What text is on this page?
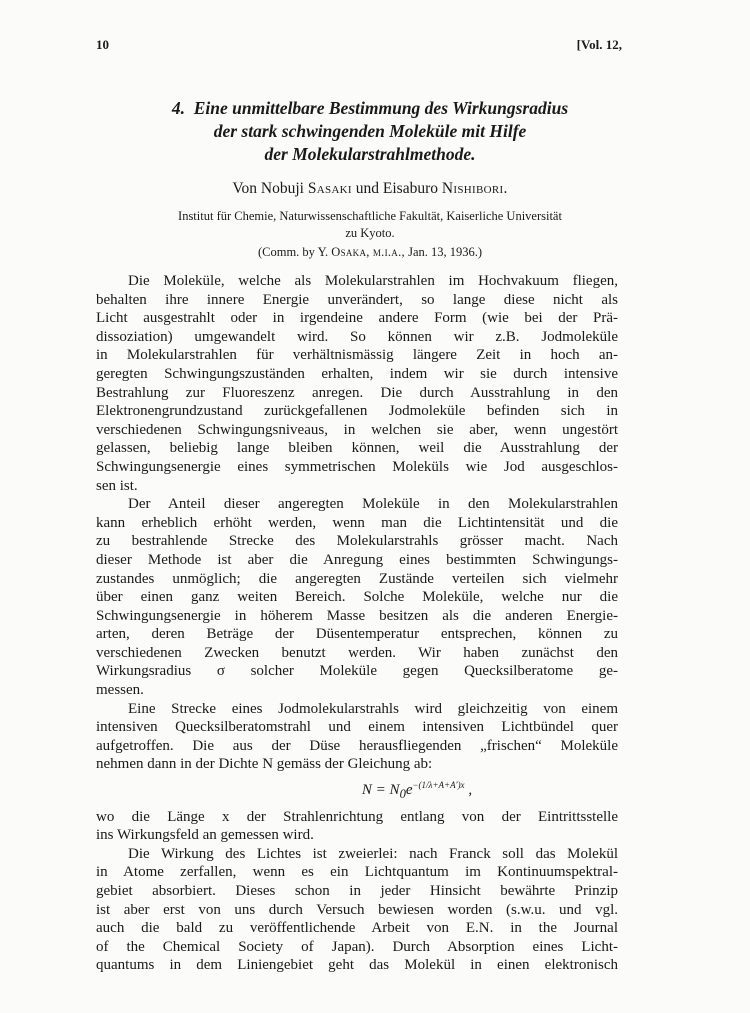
10	[Vol. 12,
4. Eine unmittelbare Bestimmung des Wirkungsradius
der stark schwingenden Moleküle mit Hilfe
der Molekularstrahlmethode.
Von Nobuji Sasaki und Eisaburo Nishibori.
Institut für Chemie, Naturwissenschaftliche Fakultät, Kaiserliche Universität
zu Kyoto.
(Comm. by Y. Osaka, m.i.a., Jan. 13, 1936.)
Die Moleküle, welche als Molekularstrahlen im Hochvakuum fliegen,
behalten ihre innere Energie unverändert, so lange diese nicht als
Licht ausgestrahlt oder in irgendeine andere Form (wie bei der Prä-
dissoziation) umgewandelt wird. So können wir z.B. Jodmoleküle
in Molekularstrahlen für verhältnismässig längere Zeit in hoch an-
geregten Schwingungszuständen erhalten, indem wir sie durch intensive
Bestrahlung zur Fluoreszenz anregen. Die durch Ausstrahlung in den
Elektronengrundzustand zurückgefallenen Jodmoleküle befinden sich in
verschiedenen Schwingungsniveaus, in welchen sie aber, wenn ungestört
gelassen, beliebig lange bleiben können, weil die Ausstrahlung der
Schwingungsenergie eines symmetrischen Moleküls wie Jod ausgeschlos-
sen ist.
Der Anteil dieser angeregten Moleküle in den Molekularstrahlen
kann erheblich erhöht werden, wenn man die Lichtintensität und die
zu bestrahlende Strecke des Molekularstrahls grösser macht. Nach
dieser Methode ist aber die Anregung eines bestimmten Schwingungs-
zustandes unmöglich; die angeregten Zustände verteilen sich vielmehr
über einen ganz weiten Bereich. Solche Moleküle, welche nur die
Schwingungsenergie in höherem Masse besitzen als die anderen Energie-
arten, deren Beträge der Düsentemperatur entsprechen, können zu
verschiedenen Zwecken benutzt werden. Wir haben zunächst den
Wirkungsradius σ solcher Moleküle gegen Quecksilberatome ge-
messen.
Eine Strecke eines Jodmolekularstrahls wird gleichzeitig von einem
intensiven Quecksilberatomstrahl und einem intensiven Lichtbündel quer
aufgetroffen. Die aus der Düse herausfliegenden „frischen“ Moleküle
nehmen dann in der Dichte N gemäss der Gleichung ab:
$N = N_0e^{-(1/\lambda+A+A')x}$ ,
wo die Länge x der Strahlenrichtung entlang von der Eintrittsstelle
ins Wirkungsfeld an gemessen wird.
Die Wirkung des Lichtes ist zweierlei: nach Franck soll das Molekül
in Atome zerfallen, wenn es ein Lichtquantum im Kontinuumspektral-
gebiet absorbiert. Dieses schon in jeder Hinsicht bewährte Prinzip
ist aber erst von uns durch Versuch bewiesen worden (s.w.u. und vgl.
auch die bald zu veröffentlichende Arbeit von E.N. in the Journal
of the Chemical Society of Japan). Durch Absorption eines Licht-
quantums in dem Liniengebiet geht das Molekül in einen elektronisch
